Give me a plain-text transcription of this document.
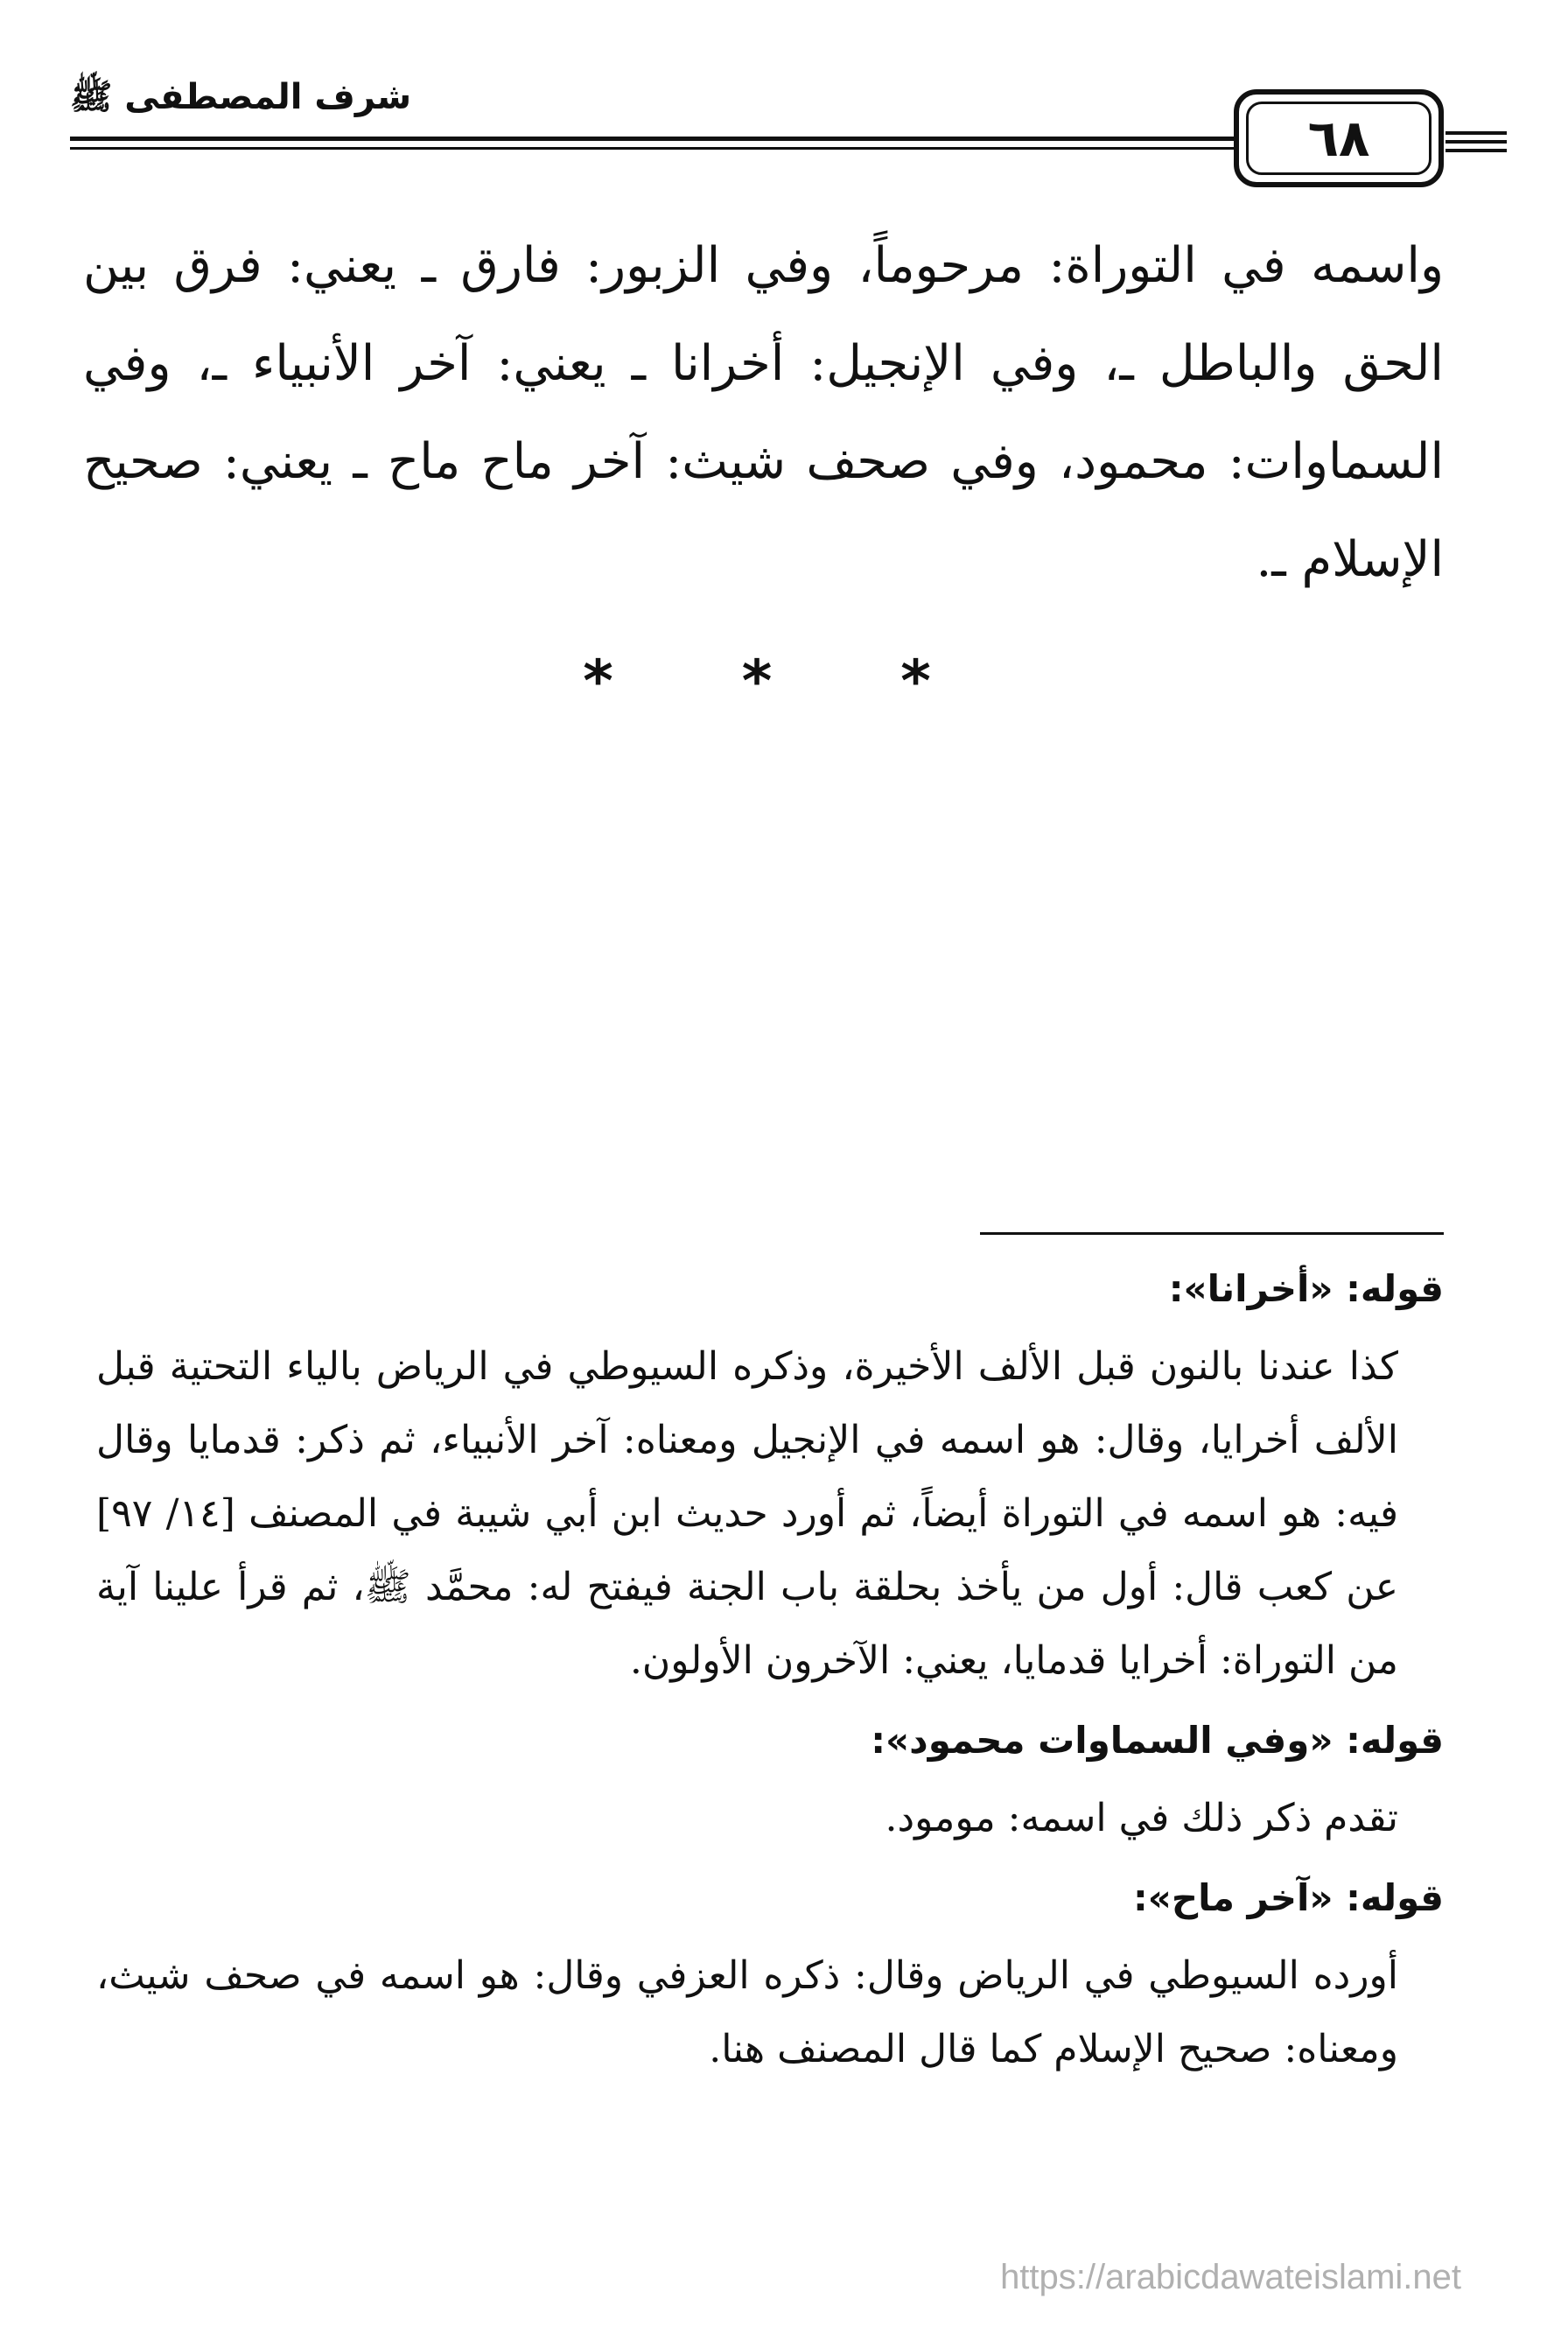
شرف المصطفى ﷺ
٦٨

واسمه في التوراة: مرحوماً، وفي الزبور: فارق ـ يعني: فرق بين الحق والباطل ـ، وفي الإنجيل: أخرانا ـ يعني: آخر الأنبياء ـ، وفي السماوات: محمود، وفي صحف شيث: آخر ماح ماح ـ يعني: صحيح الإسلام ـ.

* * *

قوله: «أخرانا»:

كذا عندنا بالنون قبل الألف الأخيرة، وذكره السيوطي في الرياض بالياء التحتية قبل الألف أخرايا، وقال: هو اسمه في الإنجيل ومعناه: آخر الأنبياء، ثم ذكر: قدمايا وقال فيه: هو اسمه في التوراة أيضاً، ثم أورد حديث ابن أبي شيبة في المصنف [١٤/ ٩٧] عن كعب قال: أول من يأخذ بحلقة باب الجنة فيفتح له: محمَّد ﷺ، ثم قرأ علينا آية من التوراة: أخرايا قدمايا، يعني: الآخرون الأولون.

قوله: «وفي السماوات محمود»:

تقدم ذكر ذلك في اسمه: مومود.

قوله: «آخر ماح»:

أورده السيوطي في الرياض وقال: ذكره العزفي وقال: هو اسمه في صحف شيث، ومعناه: صحيح الإسلام كما قال المصنف هنا.

https://arabicdawateislami.net
